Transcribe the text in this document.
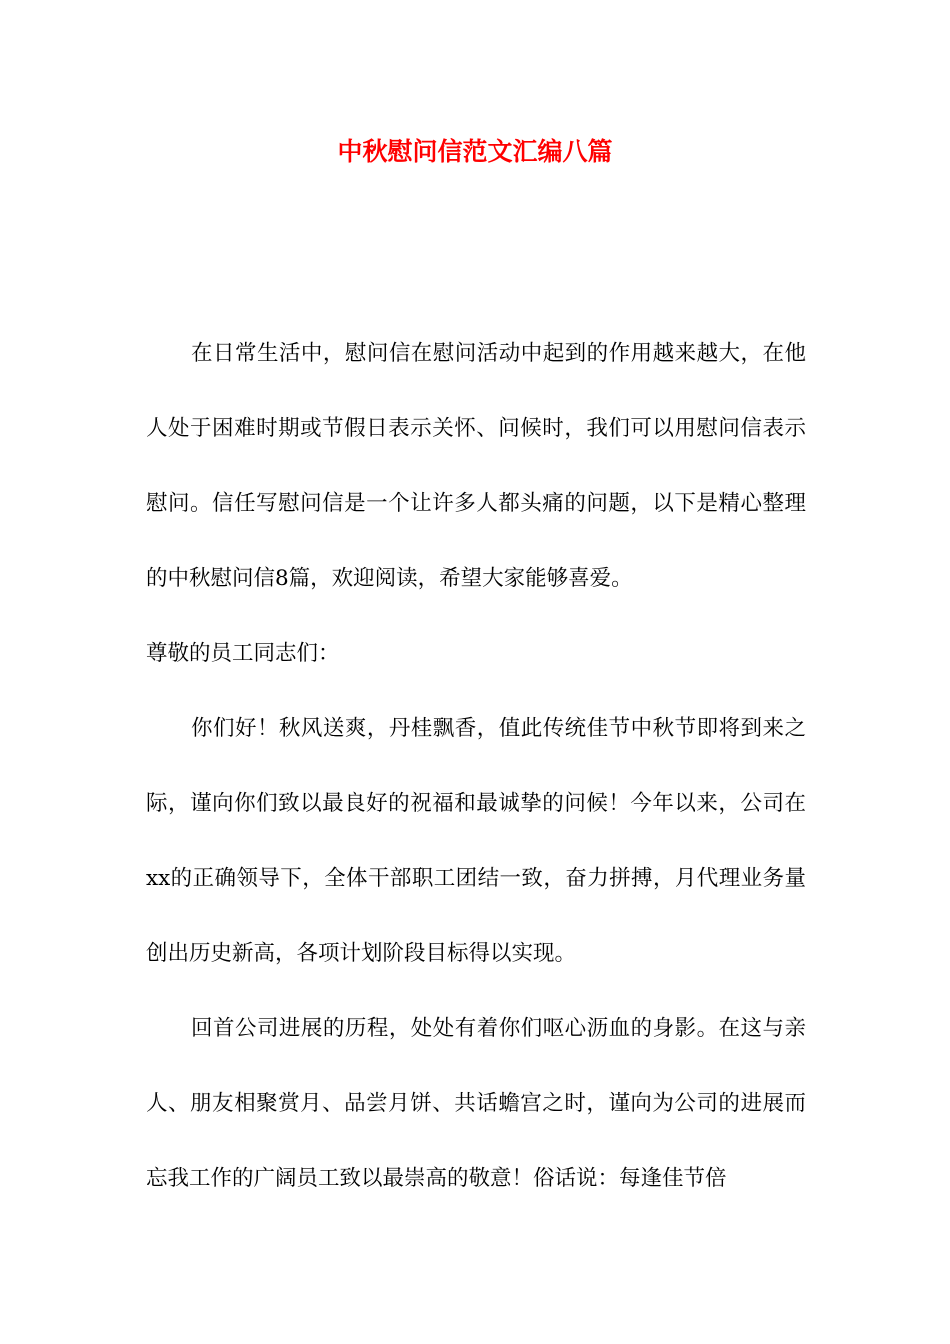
中秋慰问信范文汇编八篇

在日常生活中，慰问信在慰问活动中起到的作用越来越大，在他人处于困难时期或节假日表示关怀、问候时，我们可以用慰问信表示慰问。信任写慰问信是一个让许多人都头痛的问题，以下是精心整理的中秋慰问信8篇，欢迎阅读，希望大家能够喜爱。

尊敬的员工同志们：

你们好！秋风送爽，丹桂飘香，值此传统佳节中秋节即将到来之际，谨向你们致以最良好的祝福和最诚挚的问候！今年以来，公司在xx的正确领导下，全体干部职工团结一致，奋力拼搏，月代理业务量创出历史新高，各项计划阶段目标得以实现。

回首公司进展的历程，处处有着你们呕心沥血的身影。在这与亲人、朋友相聚赏月、品尝月饼、共话蟾宫之时，谨向为公司的进展而忘我工作的广阔员工致以最崇高的敬意！俗话说：每逢佳节倍
